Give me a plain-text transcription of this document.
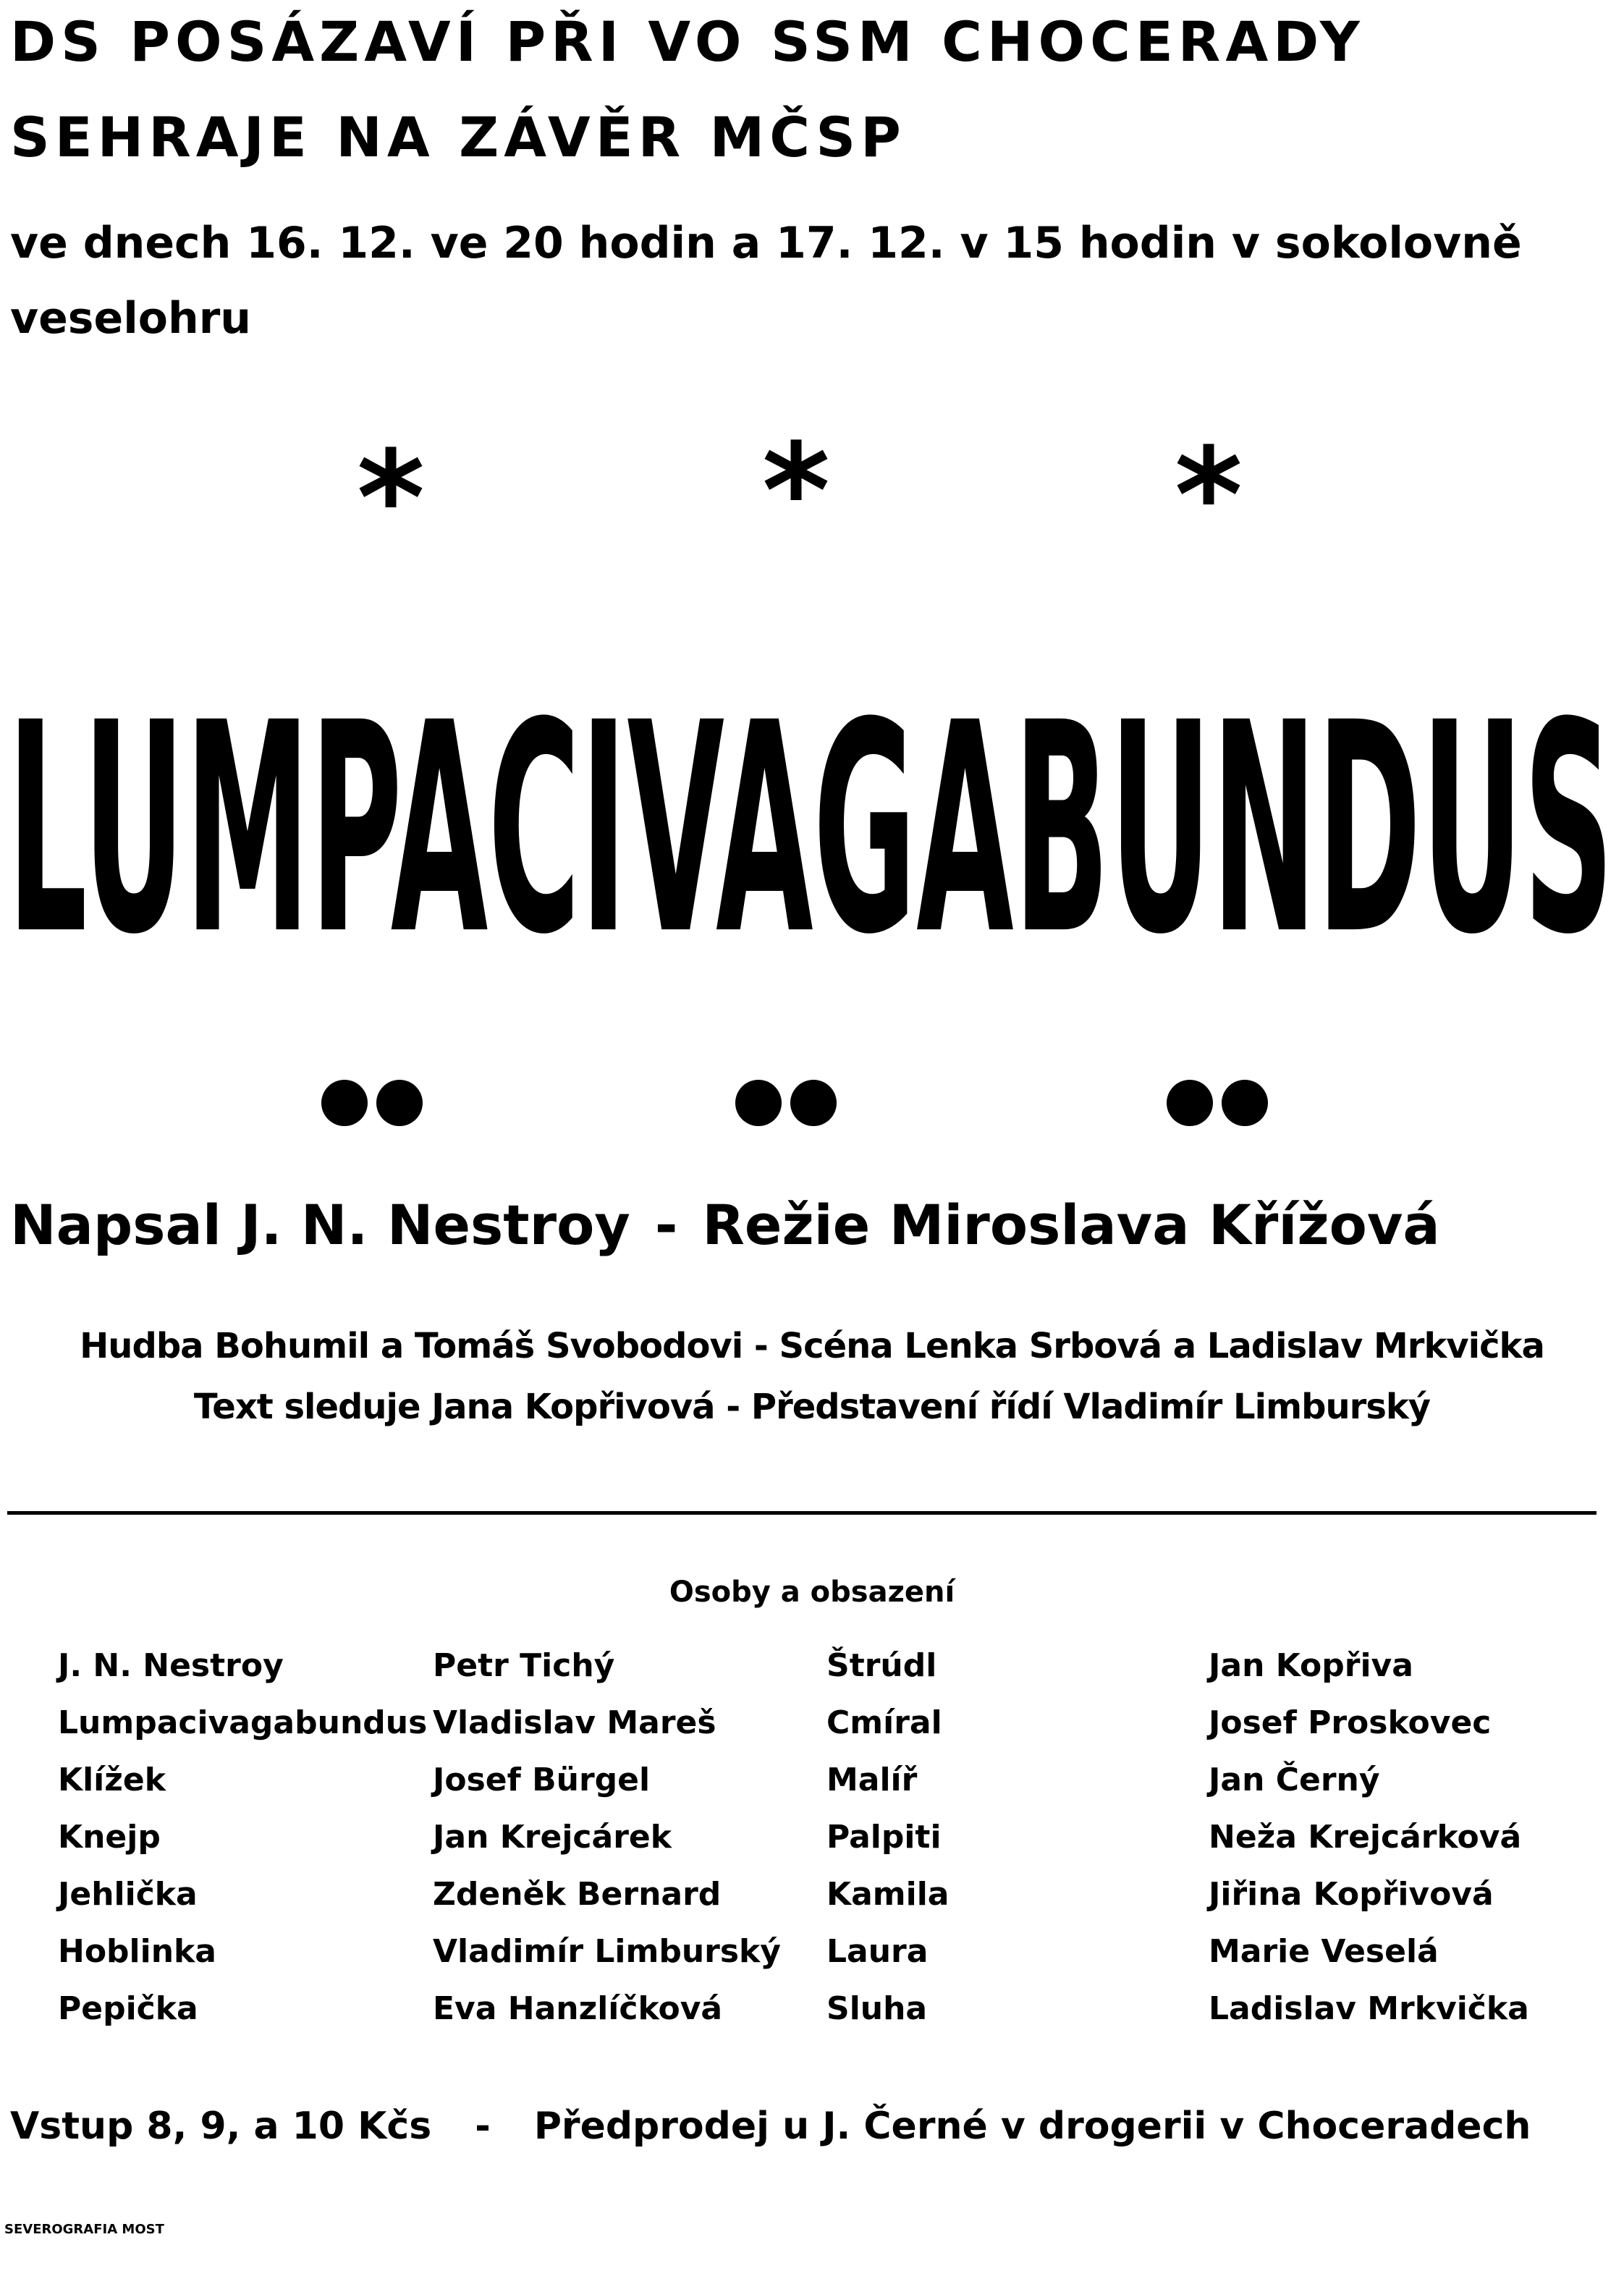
DS POSÁZAVÍ PŘI VO SSM CHOCERADY
SEHRAJE NA ZÁVĚR MČSP
ve dnech 16. 12. ve 20 hodin a 17. 12. v 15 hodin v sokolovně
veselohru
*	*	*
LUMPACIVAGABUNDUS
Napsal J. N. Nestroy - Režie Miroslava Křížová
Hudba Bohumil a Tomáš Svobodovi - Scéna Lenka Srbová a Ladislav Mrkvička
Text sleduje Jana Kopřivová - Představení řídí Vladimír Limburský
Osoby a obsazení
J. N. Nestroy
Lumpacivagabundus
Klížek
Knejp
Jehlička
Hoblinka
Pepička
Petr Tichý
Vladislav Mareš
Josef Bürgel
Jan Krejcárek
Zdeněk Bernard
Vladimír Limburský
Eva Hanzlíčková
Štrúdl
Cmíral
Malíř
Palpiti
Kamila
Laura
Sluha
Jan Kopřiva
Josef Proskovec
Jan Černý
Neža Krejcárková
Jiřina Kopřivová
Marie Veselá
Ladislav Mrkvička
Vstup 8, 9, a 10 Kčs - Předprodej u J. Černé v drogerii v Choceradech
SEVEROGRAFIA MOST
